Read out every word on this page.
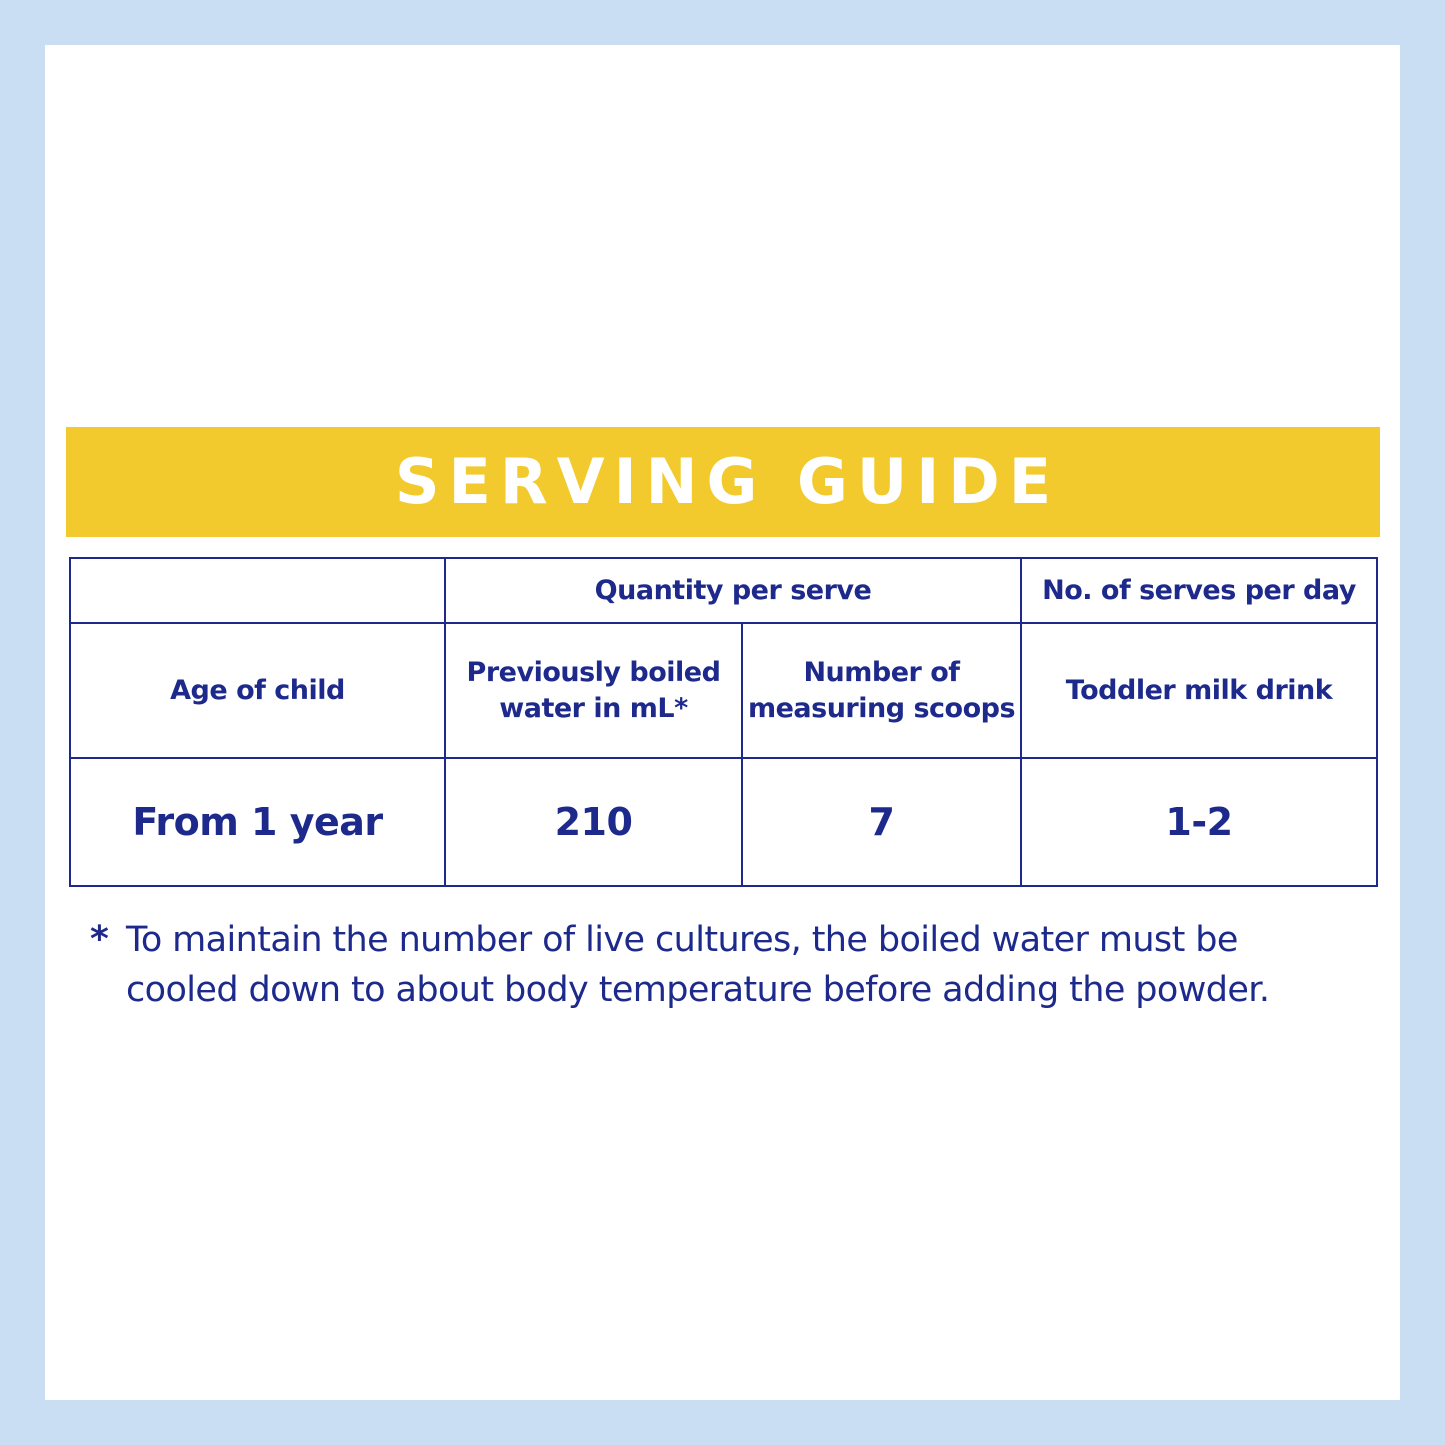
SERVING GUIDE
	Quantity per serve		No. of serves per day
Age of child	Previously boiled water in mL*	Number of measuring scoops	Toddler milk drink
From 1 year	210	7	1-2
* To maintain the number of live cultures, the boiled water must be
cooled down to about body temperature before adding the powder.
